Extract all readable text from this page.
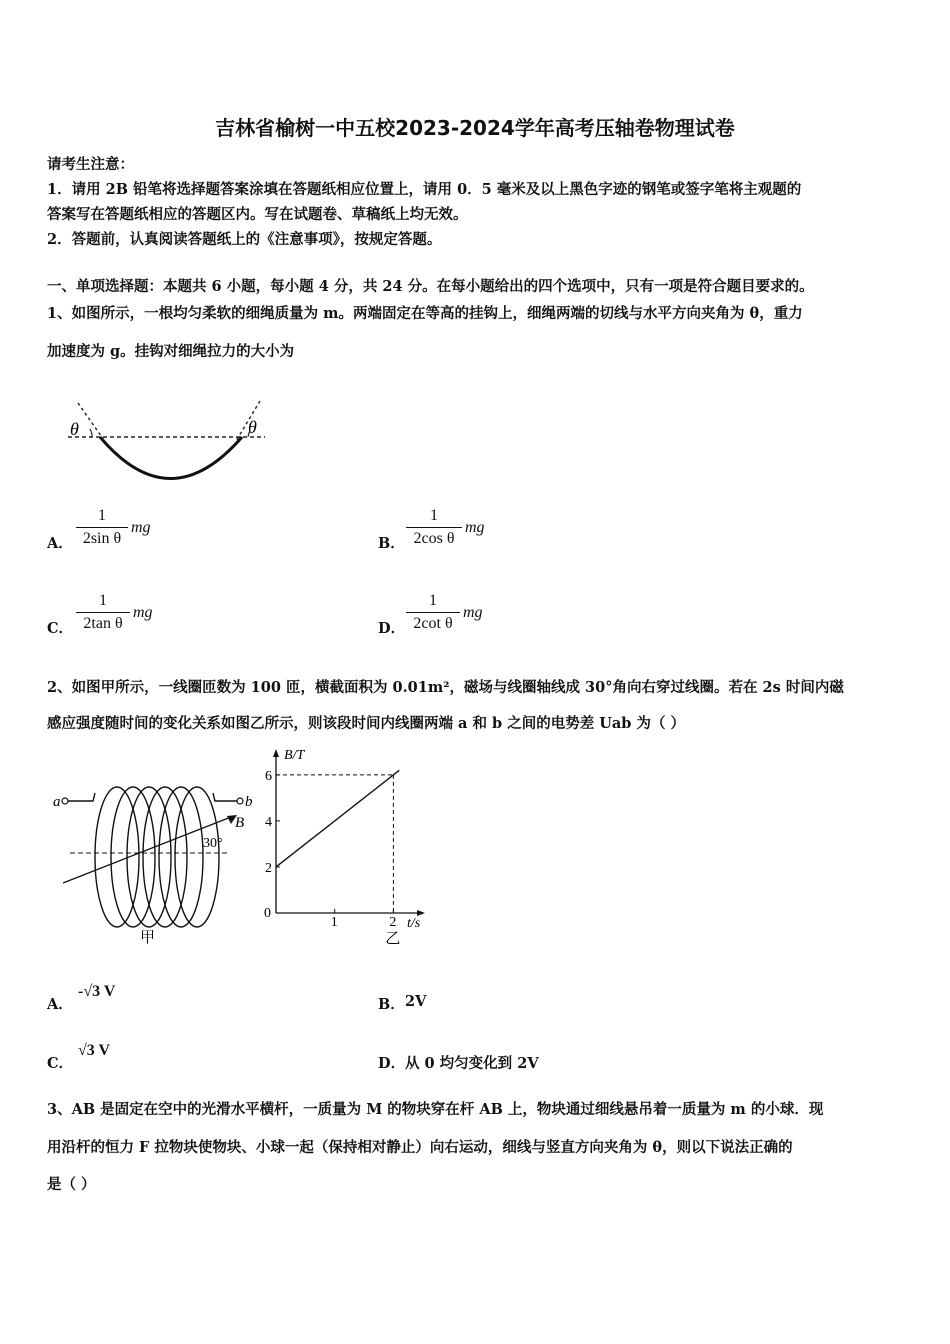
吉林省榆树一中五校2023-2024学年高考压轴卷物理试卷
请考生注意：
1．请用 2B 铅笔将选择题答案涂填在答题纸相应位置上，请用 0．5 毫米及以上黑色字迹的钢笔或签字笔将主观题的
答案写在答题纸相应的答题区内。写在试题卷、草稿纸上均无效。
2．答题前，认真阅读答题纸上的《注意事项》，按规定答题。
一、单项选择题：本题共 6 小题，每小题 4 分，共 24 分。在每小题给出的四个选项中，只有一项是符合题目要求的。
1、如图所示，一根均匀柔软的细绳质量为 m。两端固定在等高的挂钩上，细绳两端的切线与水平方向夹角为 θ，重力
加速度为 g。挂钩对细绳拉力的大小为
θ	θ
A．
1
2sin θ
mg
B．
1
2cos θ
mg
C．
1
2tan θ
mg
D．
1
2cot θ
mg
2、如图甲所示，一线圈匝数为 100 匝，横截面积为 0.01m²，磁场与线圈轴线成 30°角向右穿过线圈。若在 2s 时间内磁
感应强度随时间的变化关系如图乙所示，则该段时间内线圈两端 a 和 b 之间的电势差 Uab 为（ ）
a	b
B
30°
甲
B/T
t/s
0
2
4
6
1	2
乙
A．
-√3 V
B． 2V
C．
√3 V
D． 从 0 均匀变化到 2V
3、AB 是固定在空中的光滑水平横杆，一质量为 M 的物块穿在杆 AB 上，物块通过细线悬吊着一质量为 m 的小球．现
用沿杆的恒力 F 拉物块使物块、小球一起（保持相对静止）向右运动，细线与竖直方向夹角为 θ，则以下说法正确的
是（ ）
